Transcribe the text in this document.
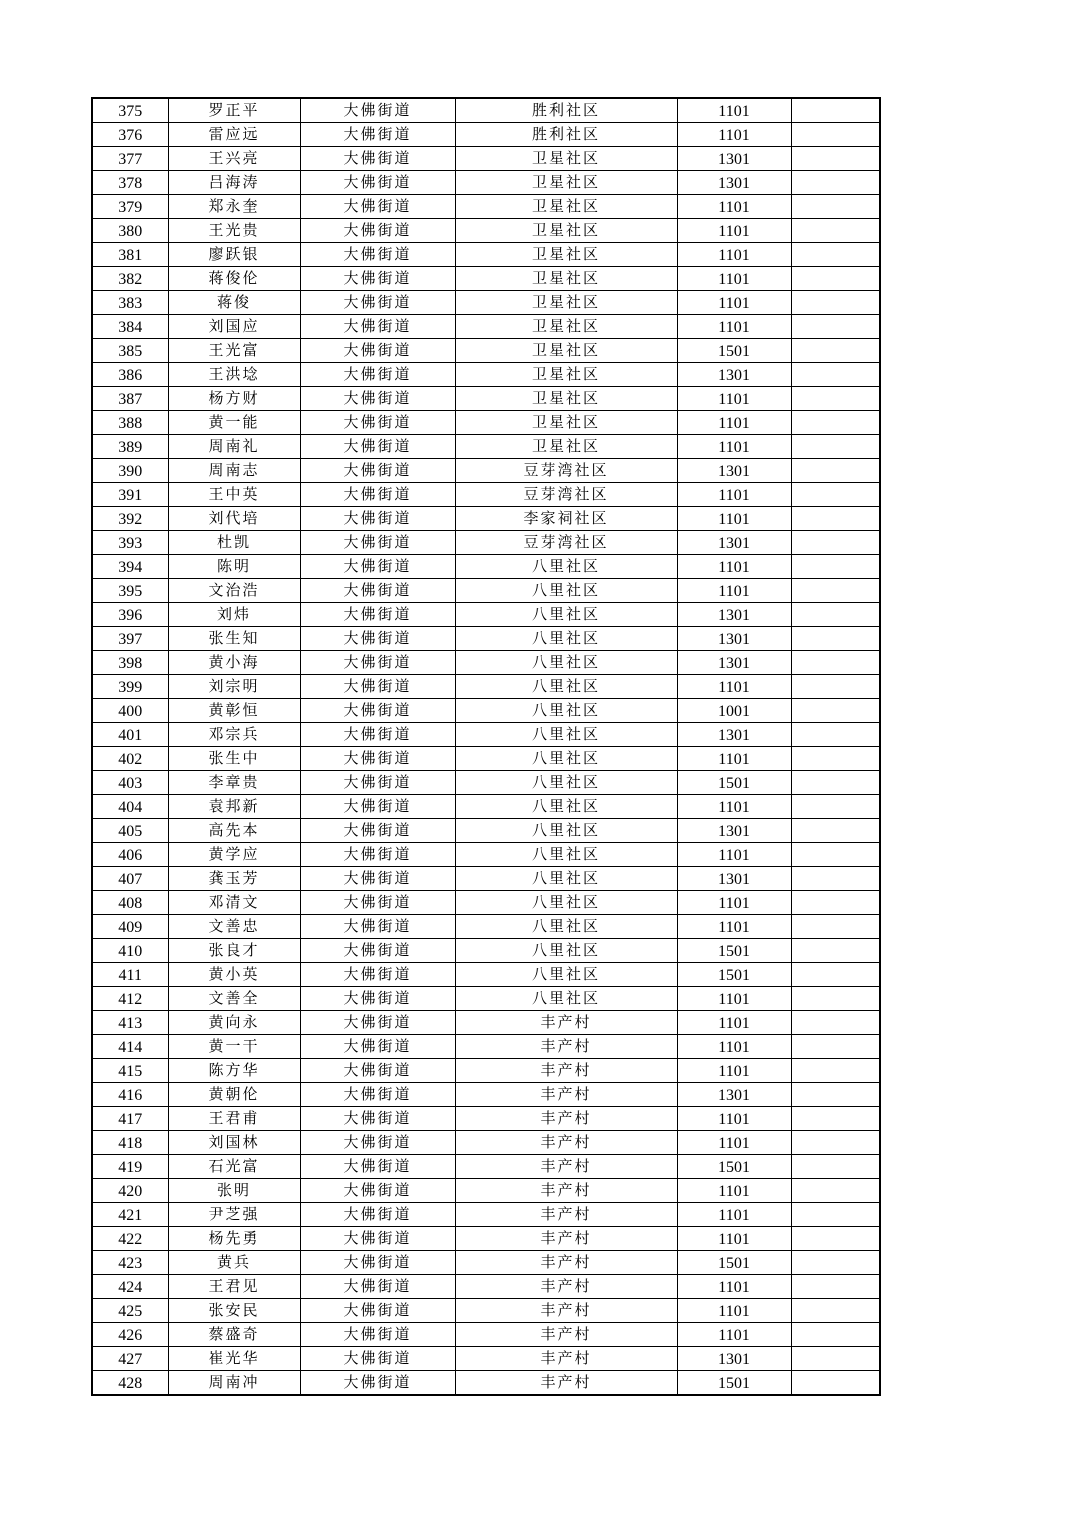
375	罗正平	大佛街道	胜利社区	1101	
376	雷应远	大佛街道	胜利社区	1101	
377	王兴亮	大佛街道	卫星社区	1301	
378	吕海涛	大佛街道	卫星社区	1301	
379	郑永奎	大佛街道	卫星社区	1101	
380	王光贵	大佛街道	卫星社区	1101	
381	廖跃银	大佛街道	卫星社区	1101	
382	蒋俊伦	大佛街道	卫星社区	1101	
383	蒋俊	大佛街道	卫星社区	1101	
384	刘国应	大佛街道	卫星社区	1101	
385	王光富	大佛街道	卫星社区	1501	
386	王洪埝	大佛街道	卫星社区	1301	
387	杨方财	大佛街道	卫星社区	1101	
388	黄一能	大佛街道	卫星社区	1101	
389	周南礼	大佛街道	卫星社区	1101	
390	周南志	大佛街道	豆芽湾社区	1301	
391	王中英	大佛街道	豆芽湾社区	1101	
392	刘代培	大佛街道	李家祠社区	1101	
393	杜凯	大佛街道	豆芽湾社区	1301	
394	陈明	大佛街道	八里社区	1101	
395	文治浩	大佛街道	八里社区	1101	
396	刘炜	大佛街道	八里社区	1301	
397	张生知	大佛街道	八里社区	1301	
398	黄小海	大佛街道	八里社区	1301	
399	刘宗明	大佛街道	八里社区	1101	
400	黄彰恒	大佛街道	八里社区	1001	
401	邓宗兵	大佛街道	八里社区	1301	
402	张生中	大佛街道	八里社区	1101	
403	李章贵	大佛街道	八里社区	1501	
404	袁邦新	大佛街道	八里社区	1101	
405	高先本	大佛街道	八里社区	1301	
406	黄学应	大佛街道	八里社区	1101	
407	龚玉芳	大佛街道	八里社区	1301	
408	邓清文	大佛街道	八里社区	1101	
409	文善忠	大佛街道	八里社区	1101	
410	张良才	大佛街道	八里社区	1501	
411	黄小英	大佛街道	八里社区	1501	
412	文善全	大佛街道	八里社区	1101	
413	黄向永	大佛街道	丰产村	1101	
414	黄一干	大佛街道	丰产村	1101	
415	陈方华	大佛街道	丰产村	1101	
416	黄朝伦	大佛街道	丰产村	1301	
417	王君甫	大佛街道	丰产村	1101	
418	刘国林	大佛街道	丰产村	1101	
419	石光富	大佛街道	丰产村	1501	
420	张明	大佛街道	丰产村	1101	
421	尹芝强	大佛街道	丰产村	1101	
422	杨先勇	大佛街道	丰产村	1101	
423	黄兵	大佛街道	丰产村	1501	
424	王君见	大佛街道	丰产村	1101	
425	张安民	大佛街道	丰产村	1101	
426	蔡盛奇	大佛街道	丰产村	1101	
427	崔光华	大佛街道	丰产村	1301	
428	周南冲	大佛街道	丰产村	1501	
